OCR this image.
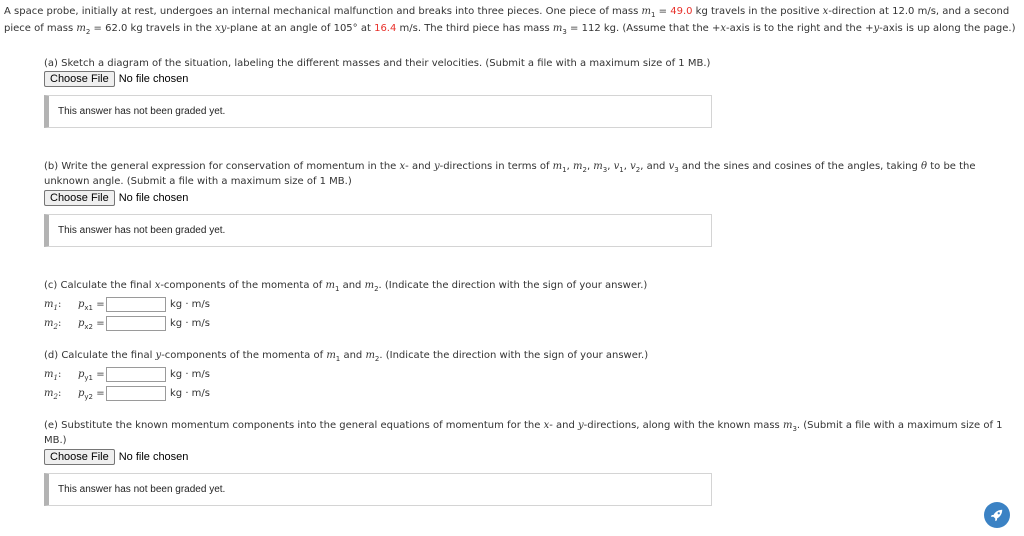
A space probe, initially at rest, undergoes an internal mechanical malfunction and breaks into three pieces. One piece of mass $m_1 = 49.0$ kg travels in the positive x-direction at 12.0 m/s, and a second piece of mass $m_2 = 62.0$ kg travels in the xy-plane at an angle of 105° at 16.4 m/s. The third piece has mass $m_3 = 112$ kg. (Assume that the +x-axis is to the right and the +y-axis is up along the page.)
(a) Sketch a diagram of the situation, labeling the different masses and their velocities. (Submit a file with a maximum size of 1 MB.)
Choose File No file chosen
This answer has not been graded yet.
(b) Write the general expression for conservation of momentum in the x- and y-directions in terms of $m_1$, $m_2$, $m_3$, $v_1$, $v_2$, and $v_3$ and the sines and cosines of the angles, taking θ to be the unknown angle. (Submit a file with a maximum size of 1 MB.)
Choose File No file chosen
This answer has not been graded yet.
(c) Calculate the final x-components of the momenta of $m_1$ and $m_2$. (Indicate the direction with the sign of your answer.)
$m_1$:	$p_{x1}$ =	kg · m/s
$m_2$:	$p_{x2}$ =	kg · m/s
(d) Calculate the final y-components of the momenta of $m_1$ and $m_2$. (Indicate the direction with the sign of your answer.)
$m_1$:	$p_{y1}$ =	kg · m/s
$m_2$:	$p_{y2}$ =	kg · m/s
(e) Substitute the known momentum components into the general equations of momentum for the x- and y-directions, along with the known mass $m_3$. (Submit a file with a maximum size of 1 MB.)
Choose File No file chosen
This answer has not been graded yet.
